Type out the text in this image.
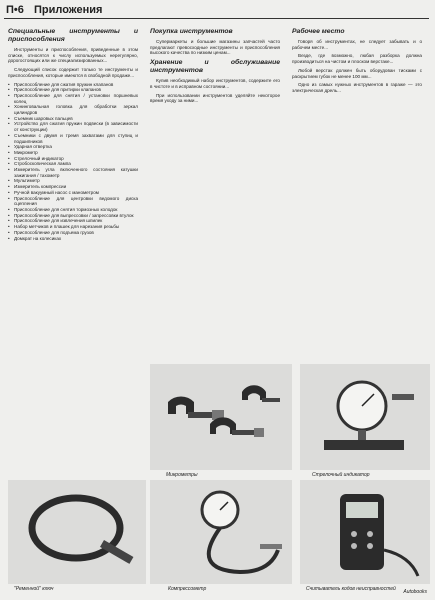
П•6 Приложения
Специальные инструменты и приспособления

Инструменты и приспособления, приведенные в этом списке, относятся к числу используемых нерегулярно, дорогостоящих или же специализированных...

Следующий список содержит только те инструменты и приспособления, которые имеются в свободной продаже...

• Приспособление для сжатия пружин клапанов
• Приспособление для притирки клапанов
• Приспособление для снятия / установки поршневых колец
• Хонинговальная головка для обработки зеркал цилиндров
• Съемник шаровых пальцев
• Устройство для сжатия пружин подвески (в зависимости от конструкции)
• Съемники с двумя и тремя захватами для ступиц и подшипников
• Ударная отвертка
• Микрометр
• Стрелочный индикатор
• Стробоскопическая лампа
• Измеритель угла включенного состояния катушки зажигания / тахометр
• Мультиметр
• Измеритель компрессии
• Ручной вакуумный насос с манометром
• Приспособление для центровки ведомого диска сцепления
• Приспособление для снятия тормозных колодок
• Приспособление для выпрессовки / запрессовки втулок
• Приспособление для извлечения шпилек
• Набор метчиков и плашек для нарезания резьбы
• Приспособление для подъема грузов
• Домкрат на колесиках
Покупка инструментов

Супермаркеты и большие магазины запчастей часто предлагают превосходные инструменты и приспособления высокого качества по низким ценам...

Хранение и обслуживание инструментов

Купив необходимый набор инструментов, содержите его в чистоте и в исправном состоянии...

При использовании инструментов уделяйте некоторое время уходу за ними...

Рабочее место

Говоря об инструментах, не следует забывать и о рабочем месте...

Везде, где возможно, любая разборка должна производиться на чистом и плоском верстаке...

Любой верстак должен быть оборудован тисками с раскрытием губок не менее 100 мм...

Одно из самых нужных инструментов в гараже — это электрическая дрель...

Микрометры	Стрелочный индикатор
"Ременной" ключ	Компрессометр	Считыватель кодов неисправностей Autobooks
